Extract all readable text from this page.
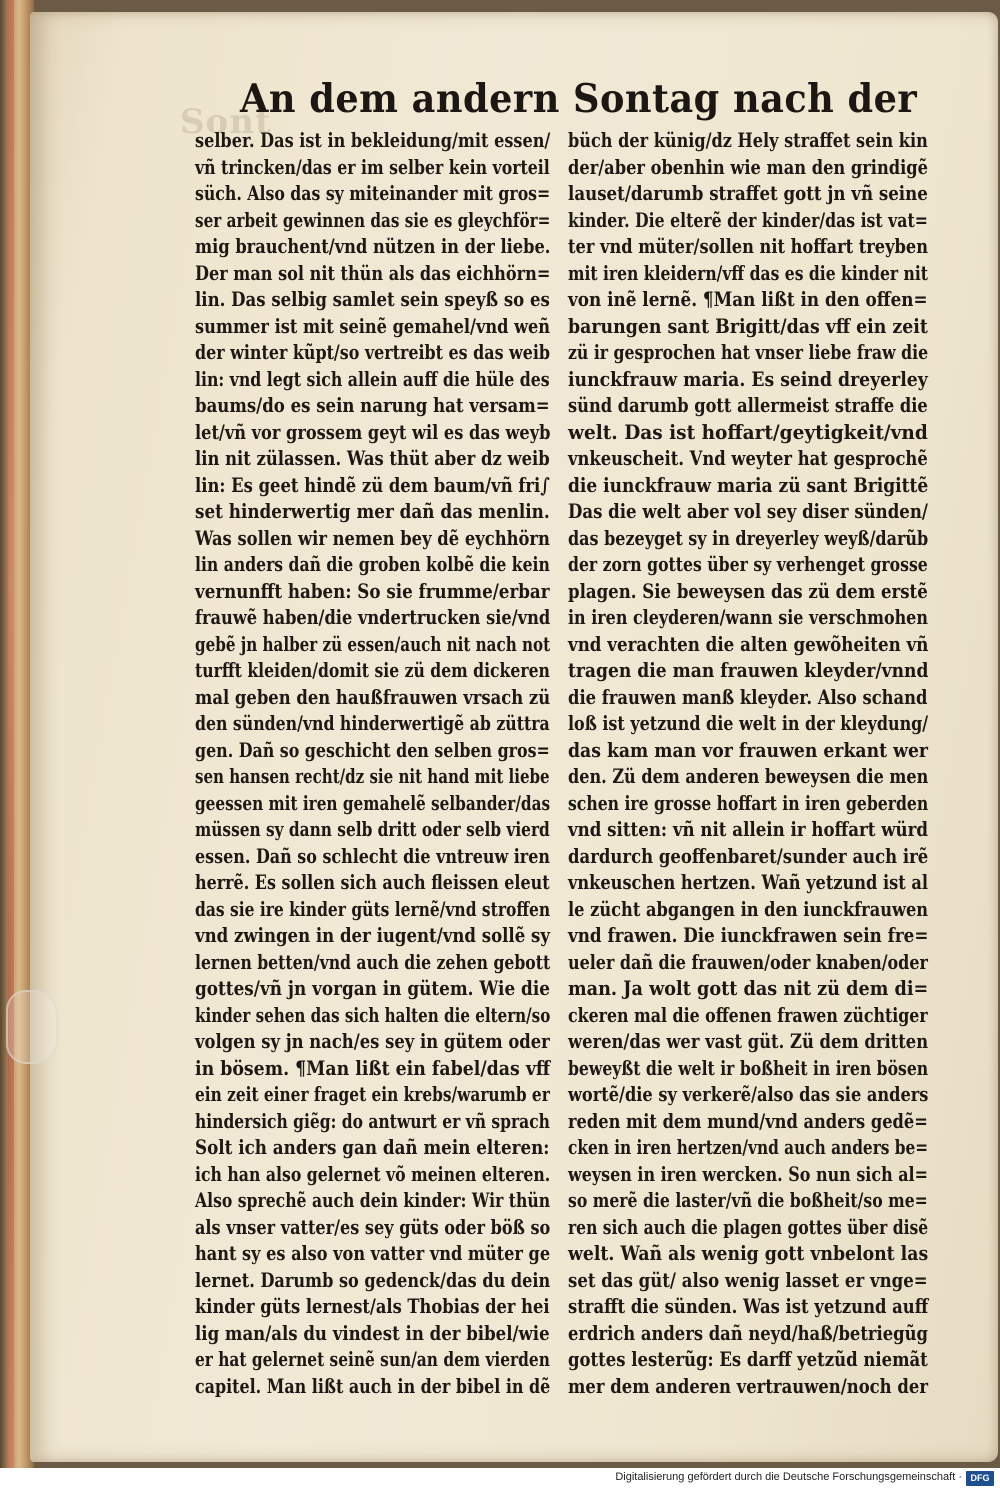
Sont
An dem andern Sontag nach der
selber. Das ist in bekleidung/mit essen/
vñ trincken/das er im selber kein vorteil
süch. Also das sy miteinander mit gros=
ser arbeit gewinnen das sie es gleychför=
mig brauchent/vnd nützen in der liebe.
Der man sol nit thün als das eichhörn=
lin. Das selbig samlet sein speyß so es
summer ist mit seinẽ gemahel/vnd weñ
der winter kũpt/so vertreibt es das weib
lin: vnd legt sich allein auff die hüle des
baums/do es sein narung hat versam=
let/vñ vor grossem geyt wil es das weyb
lin nit zülassen. Was thüt aber dz weib
lin: Es geet hindẽ zü dem baum/vñ fri∫
set hinderwertig mer dañ das menlin.
Was sollen wir nemen bey dẽ eychhörn
lin anders dañ die groben kolbẽ die kein
vernunfft haben: So sie frumme/erbar
frauwẽ haben/die vndertrucken sie/vnd
gebẽ jn halber zü essen/auch nit nach not
turfft kleiden/domit sie zü dem dickeren
mal geben den haußfrauwen vrsach zü
den sünden/vnd hinderwertigẽ ab züttra
gen. Dañ so geschicht den selben gros=
sen hansen recht/dz sie nit hand mit liebe
geessen mit iren gemahelẽ selbander/das
müssen sy dann selb dritt oder selb vierd
essen. Dañ so schlecht die vntreuw iren
herrẽ. Es sollen sich auch fleissen eleut
das sie ire kinder güts lernẽ/vnd stroffen
vnd zwingen in der iugent/vnd sollẽ sy
lernen betten/vnd auch die zehen gebott
gottes/vñ jn vorgan in gütem. Wie die
kinder sehen das sich halten die eltern/so
volgen sy jn nach/es sey in gütem oder
in bösem. ¶Man lißt ein fabel/das vff
ein zeit einer fraget ein krebs/warumb er
hindersich giẽg: do antwurt er vñ sprach
Solt ich anders gan dañ mein elteren:
ich han also gelernet võ meinen elteren.
Also sprechẽ auch dein kinder: Wir thün
als vnser vatter/es sey güts oder böß so
hant sy es also von vatter vnd müter ge
lernet. Darumb so gedenck/das du dein
kinder güts lernest/als Thobias der hei
lig man/als du vindest in der bibel/wie
er hat gelernet seinẽ sun/an dem vierden
capitel. Man lißt auch in der bibel in dẽ
büch der künig/dz Hely straffet sein kin
der/aber obenhin wie man den grindigẽ
lauset/darumb straffet gott jn vñ seine
kinder. Die elterẽ der kinder/das ist vat=
ter vnd müter/sollen nit hoffart treyben
mit iren kleidern/vff das es die kinder nit
von inẽ lernẽ. ¶Man lißt in den offen=
barungen sant Brigitt/das vff ein zeit
zü ir gesprochen hat vnser liebe fraw die
iunckfrauw maria. Es seind dreyerley
sünd darumb gott allermeist straffe die
welt. Das ist hoffart/geytigkeit/vnd
vnkeuscheit. Vnd weyter hat gesprochẽ
die iunckfrauw maria zü sant Brigittẽ
Das die welt aber vol sey diser sünden/
das bezeyget sy in dreyerley weyß/darũb
der zorn gottes über sy verhenget grosse
plagen. Sie beweysen das zü dem erstẽ
in iren cleyderen/wann sie verschmohen
vnd verachten die alten gewõheiten vñ
tragen die man frauwen kleyder/vnnd
die frauwen manß kleyder. Also schand
loß ist yetzund die welt in der kleydung/
das kam man vor frauwen erkant wer
den. Zü dem anderen beweysen die men
schen ire grosse hoffart in iren geberden
vnd sitten: vñ nit allein ir hoffart würd
dardurch geoffenbaret/sunder auch irẽ
vnkeuschen hertzen. Wañ yetzund ist al
le zücht abgangen in den iunckfrauwen
vnd frawen. Die iunckfrawen sein fre=
ueler dañ die frauwen/oder knaben/oder
man. Ja wolt gott das nit zü dem di=
ckeren mal die offenen frawen züchtiger
weren/das wer vast güt. Zü dem dritten
beweyßt die welt ir boßheit in iren bösen
wortẽ/die sy verkerẽ/also das sie anders
reden mit dem mund/vnd anders gedẽ=
cken in iren hertzen/vnd auch anders be=
weysen in iren wercken. So nun sich al=
so merẽ die laster/vñ die boßheit/so me=
ren sich auch die plagen gottes über disẽ
welt. Wañ als wenig gott vnbelont las
set das güt/ also wenig lasset er vnge=
strafft die sünden. Was ist yetzund auff
erdrich anders dañ neyd/haß/betriegũg
gottes lesterũg: Es darff yetzũd niemãt
mer dem anderen vertrauwen/noch der
Digitalisierung gefördert durch die Deutsche Forschungsgemeinschaft · DFG
